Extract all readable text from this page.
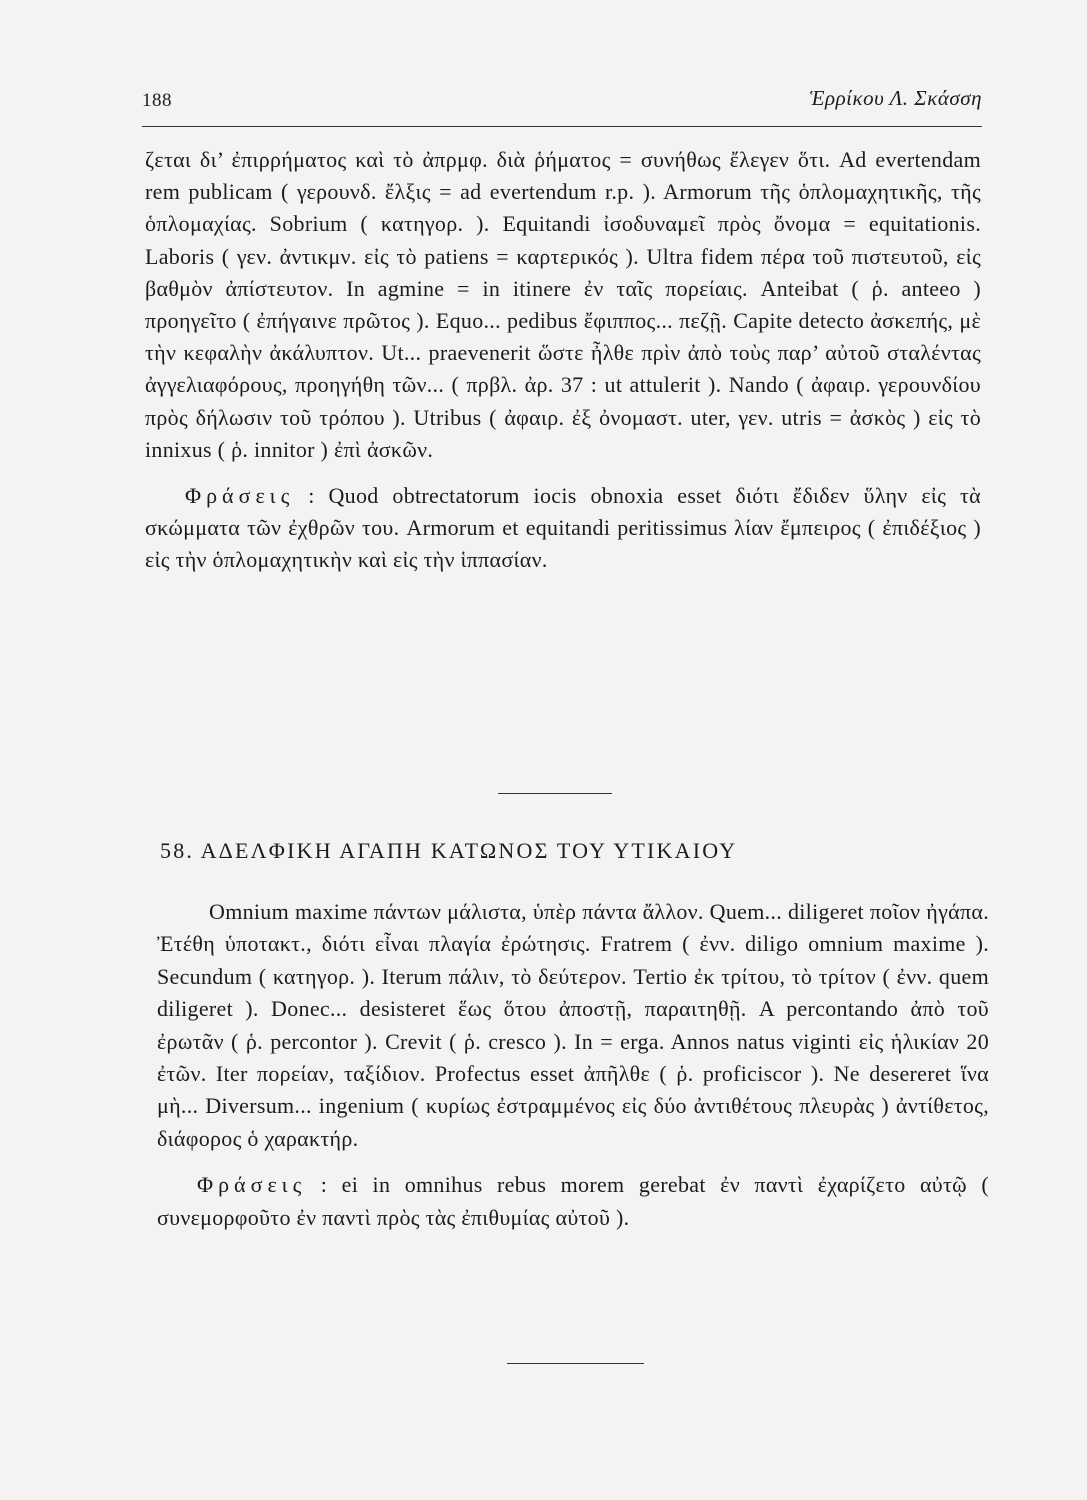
188	Ἑρρίκου Λ. Σκάσση

ζεται δι’ ἐπιρρήματος καὶ τὸ ἀπρμφ. διὰ ῥήματος = συνήθως ἔλεγεν ὅτι. Ad evertendam rem publicam ( γερουνδ. ἔλξις = ad evertendum r.p. ). Armorum τῆς ὁπλομαχητικῆς, τῆς ὁπλομαχίας. Sobrium ( κατηγορ. ). Equitandi ἰσοδυναμεῖ πρὸς ὄνομα = equitationis. Laboris ( γεν. ἀντικμν. εἰς τὸ patiens = καρτερικός ). Ultra fidem πέρα τοῦ πιστευτοῦ, εἰς βαθμὸν ἀπίστευτον. In agmine = in itinere ἐν ταῖς πορείαις. Anteibat ( ῥ. anteeo ) προηγεῖτο ( ἐπήγαινε πρῶτος ). Equo... pedibus ἔφιππος... πεζῇ. Capite detecto ἀσκεπής, μὲ τὴν κεφαλὴν ἀκάλυπτον. Ut... praevenerit ὥστε ἦλθε πρὶν ἀπὸ τοὺς παρ’ αὐτοῦ σταλέντας ἀγγελιαφόρους, προηγήθη τῶν... ( πρβλ. ἀρ. 37 : ut attulerit ). Nando ( ἀφαιρ. γερουνδίου πρὸς δήλωσιν τοῦ τρόπου ). Utribus ( ἀφαιρ. ἐξ ὀνομαστ. uter, γεν. utris = ἀσκὸς ) εἰς τὸ innixus ( ῥ. innitor ) ἐπὶ ἀσκῶν.

Φράσεις : Quod obtrectatorum iocis obnoxia esset διότι ἔδιδεν ὕλην εἰς τὰ σκώμματα τῶν ἐχθρῶν του. Armorum et equitandi peritissimus λίαν ἔμπειρος ( ἐπιδέξιος ) εἰς τὴν ὁπλομαχητικὴν καὶ εἰς τὴν ἱππασίαν.

58. ΑΔΕΛΦΙΚΗ ΑΓΑΠΗ ΚΑΤΩΝΟΣ ΤΟΥ ΥΤΙΚΑΙΟΥ

Omnium maxime πάντων μάλιστα, ὑπὲρ πάντα ἄλλον. Quem... diligeret ποῖον ἠγάπα. Ἐτέθη ὑποτακτ., διότι εἶναι πλαγία ἐρώτησις. Fratrem ( ἐνν. diligo omnium maxime ). Secundum ( κατηγορ. ). Iterum πάλιν, τὸ δεύτερον. Tertio ἐκ τρίτου, τὸ τρίτον ( ἐνν. quem diligeret ). Donec... desisteret ἕως ὅτου ἀποστῇ, παραιτηθῇ. A percontando ἀπὸ τοῦ ἐρωτᾶν ( ῥ. percontor ). Crevit ( ῥ. cresco ). In = erga. Annos natus viginti εἰς ἡλικίαν 20 ἐτῶν. Iter πορείαν, ταξίδιον. Profectus esset ἀπῆλθε ( ῥ. proficiscor ). Ne desereret ἵνα μὴ... Diversum... ingenium ( κυρίως ἐστραμμένος εἰς δύο ἀντιθέτους πλευρὰς ) ἀντίθετος, διάφορος ὁ χαρακτήρ.

Φράσεις : ei in omnihus rebus morem gerebat ἐν παντὶ ἐχαρίζετο αὐτῷ ( συνεμορφοῦτο ἐν παντὶ πρὸς τὰς ἐπιθυμίας αὐτοῦ ).
